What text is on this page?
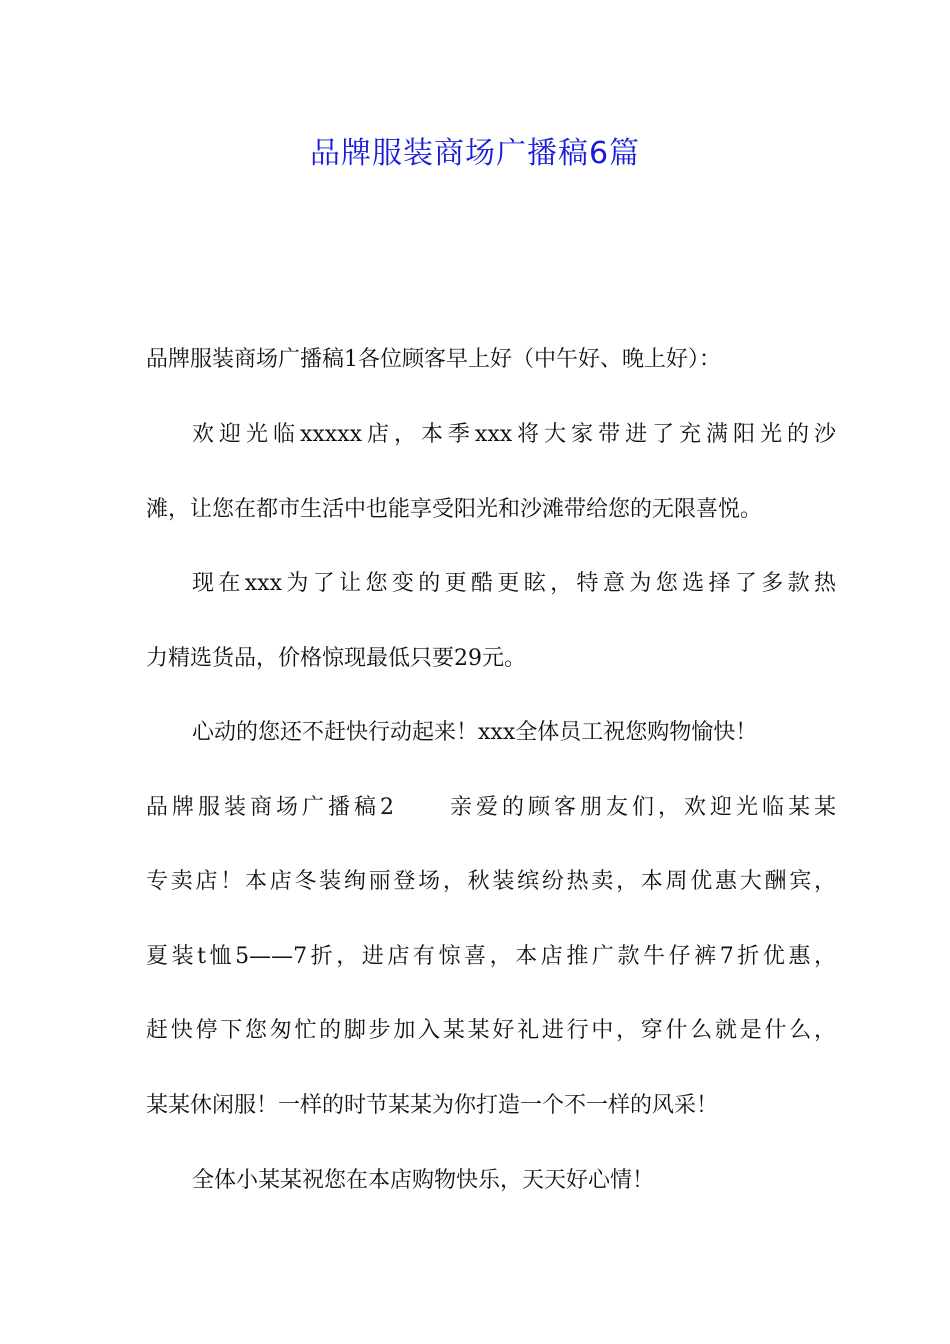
品牌服装商场广播稿6篇
品牌服装商场广播稿1各位顾客早上好（中午好、晚上好）：
欢迎光临xxxxx店，本季xxx将大家带进了充满阳光的沙
滩，让您在都市生活中也能享受阳光和沙滩带给您的无限喜悦。
现在xxx为了让您变的更酷更眩，特意为您选择了多款热
力精选货品，价格惊现最低只要29元。
心动的您还不赶快行动起来！xxx全体员工祝您购物愉快！
品牌服装商场广播稿2　　亲爱的顾客朋友们，欢迎光临某某
专卖店！本店冬装绚丽登场，秋装缤纷热卖，本周优惠大酬宾，
夏装t恤5——7折，进店有惊喜，本店推广款牛仔裤7折优惠，
赶快停下您匆忙的脚步加入某某好礼进行中，穿什么就是什么，
某某休闲服！一样的时节某某为你打造一个不一样的风采！
全体小某某祝您在本店购物快乐，天天好心情！
